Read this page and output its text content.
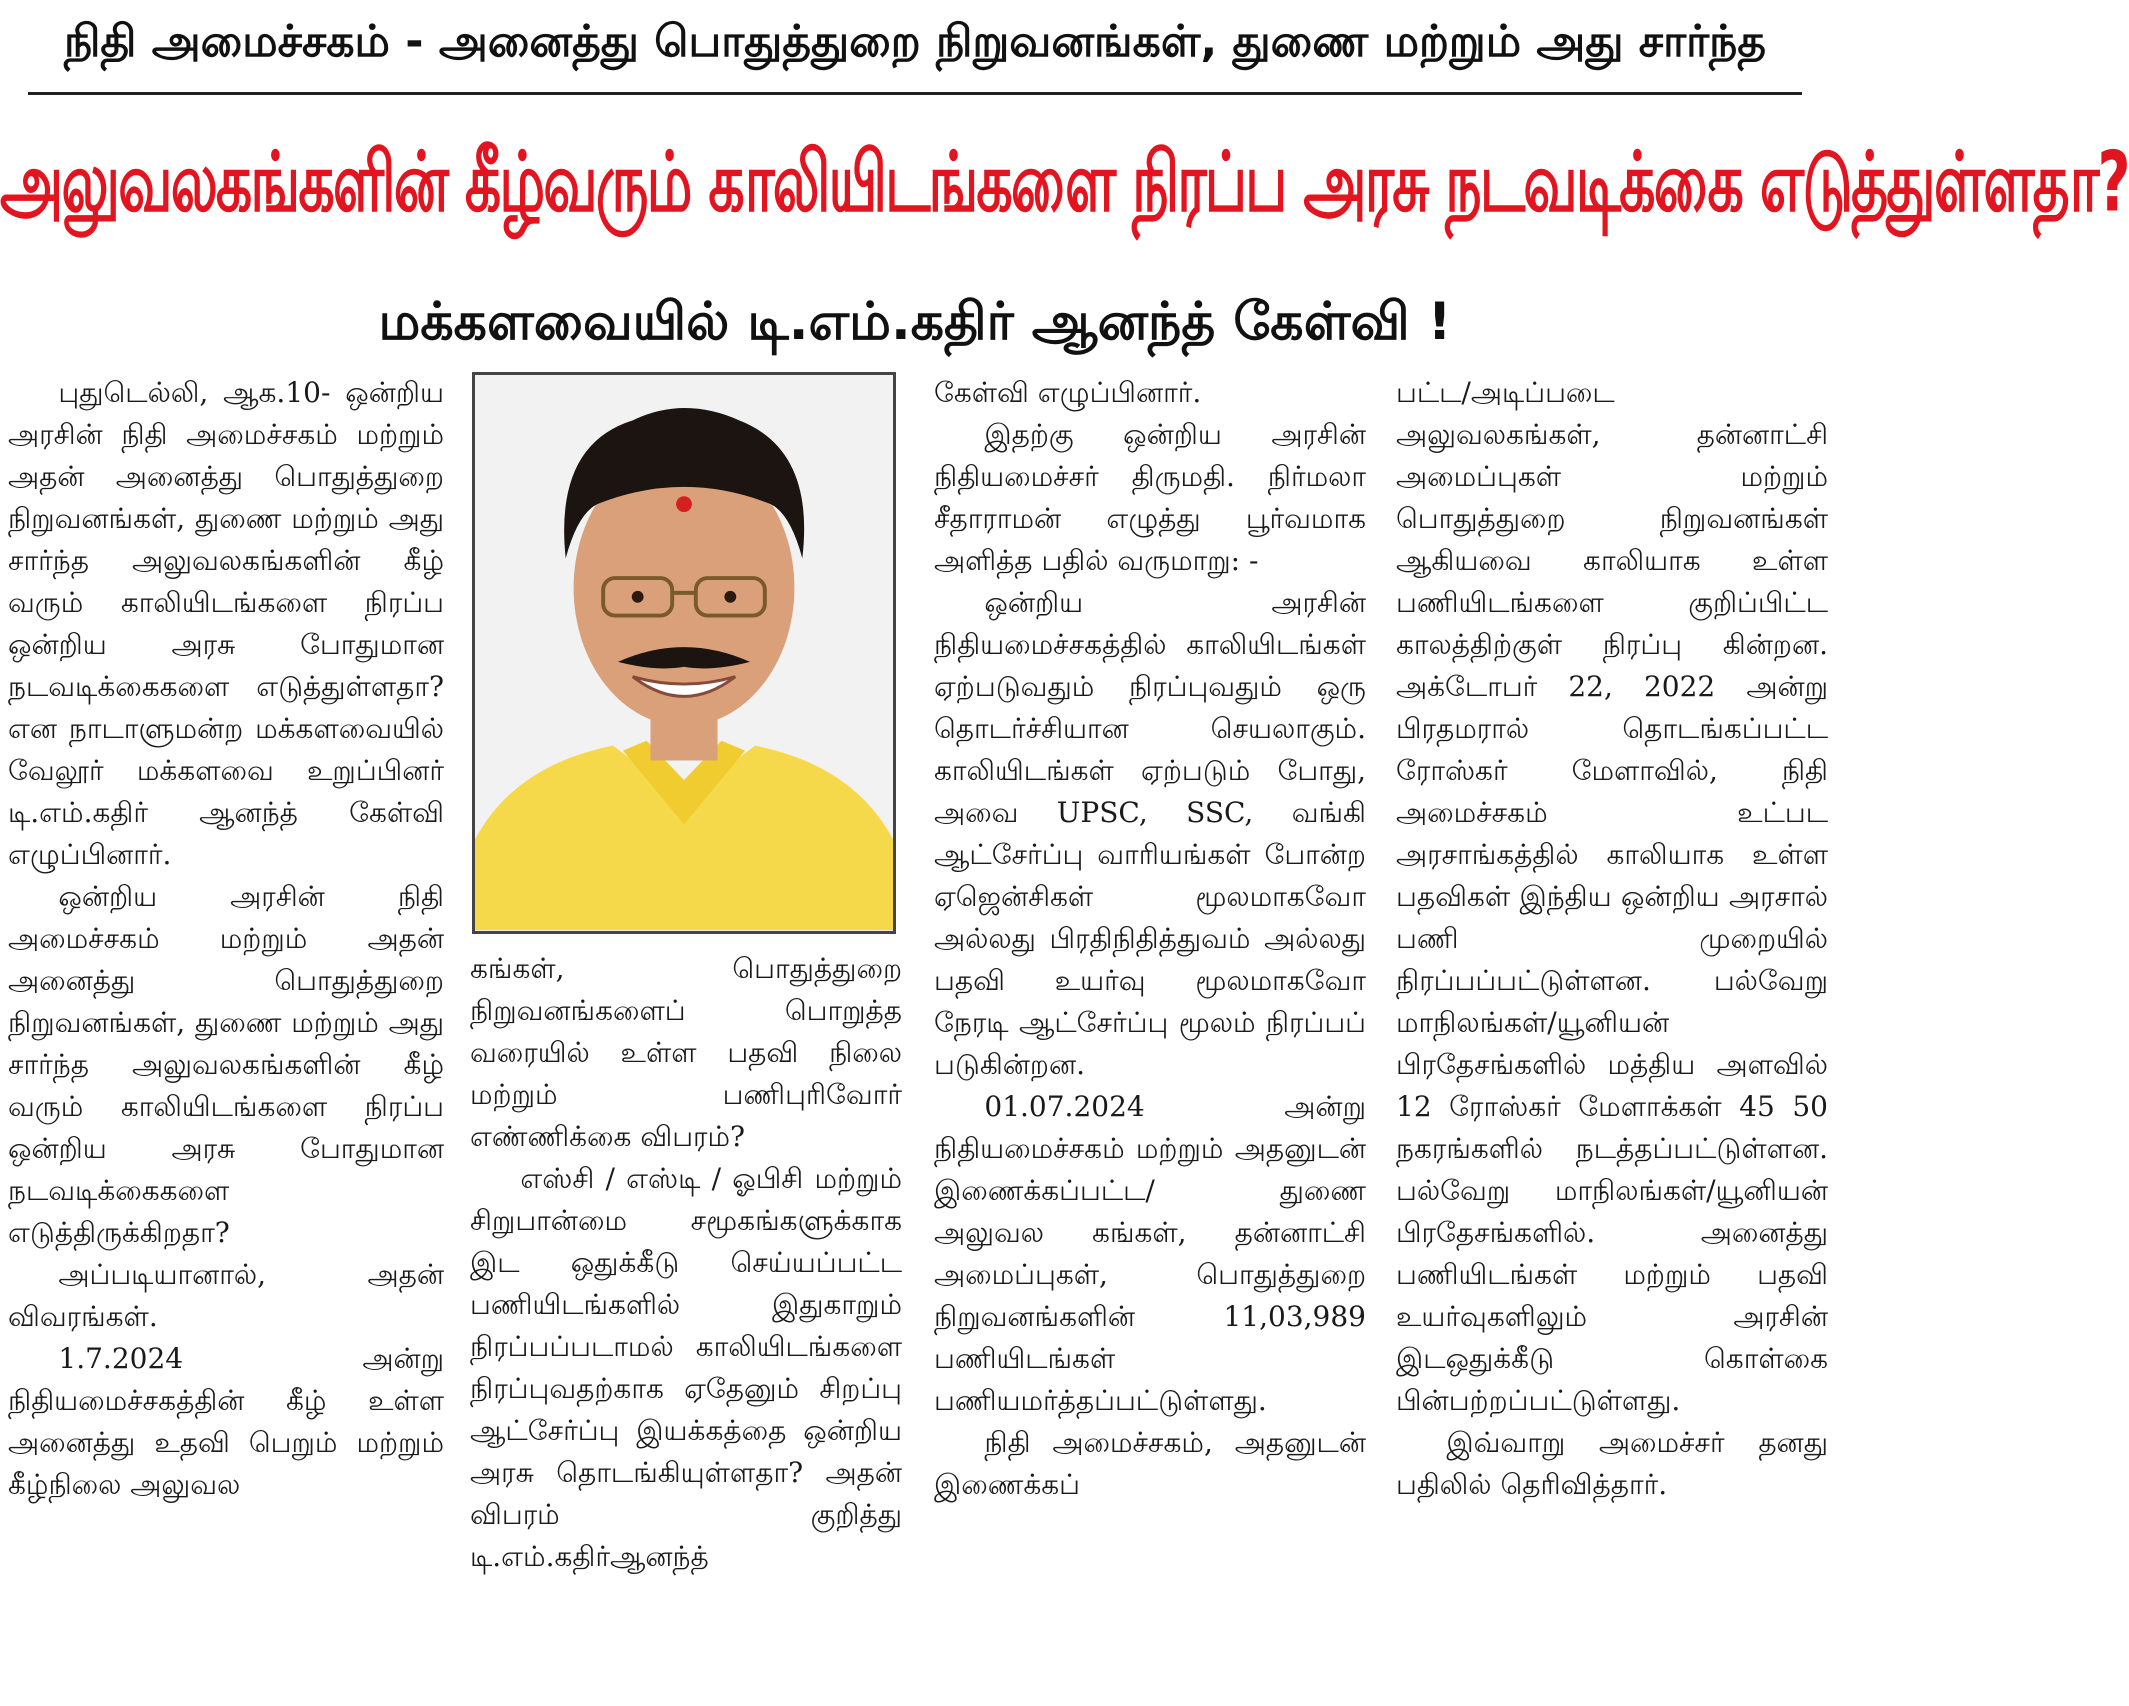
நிதி அமைச்சகம் - அனைத்து பொதுத்துறை நிறுவனங்கள், துணை மற்றும் அது சார்ந்த
அலுவலகங்களின் கீழ்வரும் காலியிடங்களை நிரப்ப அரசு நடவடிக்கை எடுத்துள்ளதா?
மக்களவையில் டி.எம்.கதிர் ஆனந்த் கேள்வி !

புதுடெல்லி, ஆக.10- ஒன்றிய அரசின் நிதி அமைச்சகம் மற்றும் அதன் அனைத்து பொதுத்துறை நிறுவனங்கள், துணை மற்றும் அது சார்ந்த அலுவலகங்களின் கீழ் வரும் காலியிடங்களை நிரப்ப ஒன்றிய அரசு போதுமான நடவடிக்கைகளை எடுத்துள்ளதா? என நாடாளுமன்ற மக்களவையில் வேலூர் மக்களவை உறுப்பினர் டி.எம்.கதிர் ஆனந்த் கேள்வி எழுப்பினார்.

ஒன்றிய அரசின் நிதி அமைச்சகம் மற்றும் அதன் அனைத்து பொதுத்துறை நிறுவனங்கள், துணை மற்றும் அது சார்ந்த அலுவலகங்களின் கீழ் வரும் காலியிடங்களை நிரப்ப ஒன்றிய அரசு போதுமான நடவடிக்கைகளை எடுத்திருக்கிறதா?

அப்படியானால், அதன் விவரங்கள்.

1.7.2024 அன்று நிதியமைச்சகத்தின் கீழ் உள்ள அனைத்து உதவி பெறும் மற்றும் கீழ்நிலை அலுவல

கங்கள், பொதுத்துறை நிறுவனங்களைப் பொறுத்த வரையில் உள்ள பதவி நிலை மற்றும் பணிபுரிவோர் எண்ணிக்கை விபரம்?

எஸ்சி / எஸ்டி / ஓபிசி மற்றும் சிறுபான்மை சமூகங்களுக்காக இட ஒதுக்கீடு செய்யப்பட்ட பணியிடங்களில் இதுகாறும் நிரப்பப்படாமல் காலியிடங்களை நிரப்புவதற்காக ஏதேனும் சிறப்பு ஆட்சேர்ப்பு இயக்கத்தை ஒன்றிய அரசு தொடங்கியுள்ளதா? அதன் விபரம் குறித்து டி.எம்.கதிர்ஆனந்த்

கேள்வி எழுப்பினார்.

இதற்கு ஒன்றிய அரசின் நிதியமைச்சர் திருமதி. நிர்மலா சீதாராமன் எழுத்து பூர்வமாக அளித்த பதில் வருமாறு: -

ஒன்றிய அரசின் நிதியமைச்சகத்தில் காலியிடங்கள் ஏற்படுவதும் நிரப்புவதும் ஒரு தொடர்ச்சியான செயலாகும். காலியிடங்கள் ஏற்படும் போது, அவை UPSC, SSC, வங்கி ஆட்சேர்ப்பு வாரியங்கள் போன்ற ஏஜென்சிகள் மூலமாகவோ அல்லது பிரதிநிதித்துவம் அல்லது பதவி உயர்வு மூலமாகவோ நேரடி ஆட்சேர்ப்பு மூலம் நிரப்பப் படுகின்றன.

01.07.2024 அன்று நிதியமைச்சகம் மற்றும் அதனுடன் இணைக்கப்பட்ட/ துணை அலுவல கங்கள், தன்னாட்சி அமைப்புகள், பொதுத்துறை நிறுவனங்களின் 11,03,989 பணியிடங்கள் பணியமர்த்தப்பட்டுள்ளது.

நிதி அமைச்சகம், அதனுடன் இணைக்கப்

பட்ட/அடிப்படை அலுவலகங்கள், தன்னாட்சி அமைப்புகள் மற்றும் பொதுத்துறை நிறுவனங்கள் ஆகியவை காலியாக உள்ள பணியிடங்களை குறிப்பிட்ட காலத்திற்குள் நிரப்பு கின்றன. அக்டோபர் 22, 2022 அன்று பிரதமரால் தொடங்கப்பட்ட ரோஸ்கர் மேளாவில், நிதி அமைச்சகம் உட்பட அரசாங்கத்தில் காலியாக உள்ள பதவிகள் இந்திய ஒன்றிய அரசால் பணி முறையில் நிரப்பப்பட்டுள்ளன. பல்வேறு மாநிலங்கள்/யூனியன் பிரதேசங்களில் மத்திய அளவில் 12 ரோஸ்கர் மேளாக்கள் 45 50 நகரங்களில் நடத்தப்பட்டுள்ளன. பல்வேறு மாநிலங்கள்/யூனியன் பிரதேசங்களில். அனைத்து பணியிடங்கள் மற்றும் பதவி உயர்வுகளிலும் அரசின் இடஒதுக்கீடு கொள்கை பின்பற்றப்பட்டுள்ளது.

இவ்வாறு அமைச்சர் தனது பதிலில் தெரிவித்தார்.
